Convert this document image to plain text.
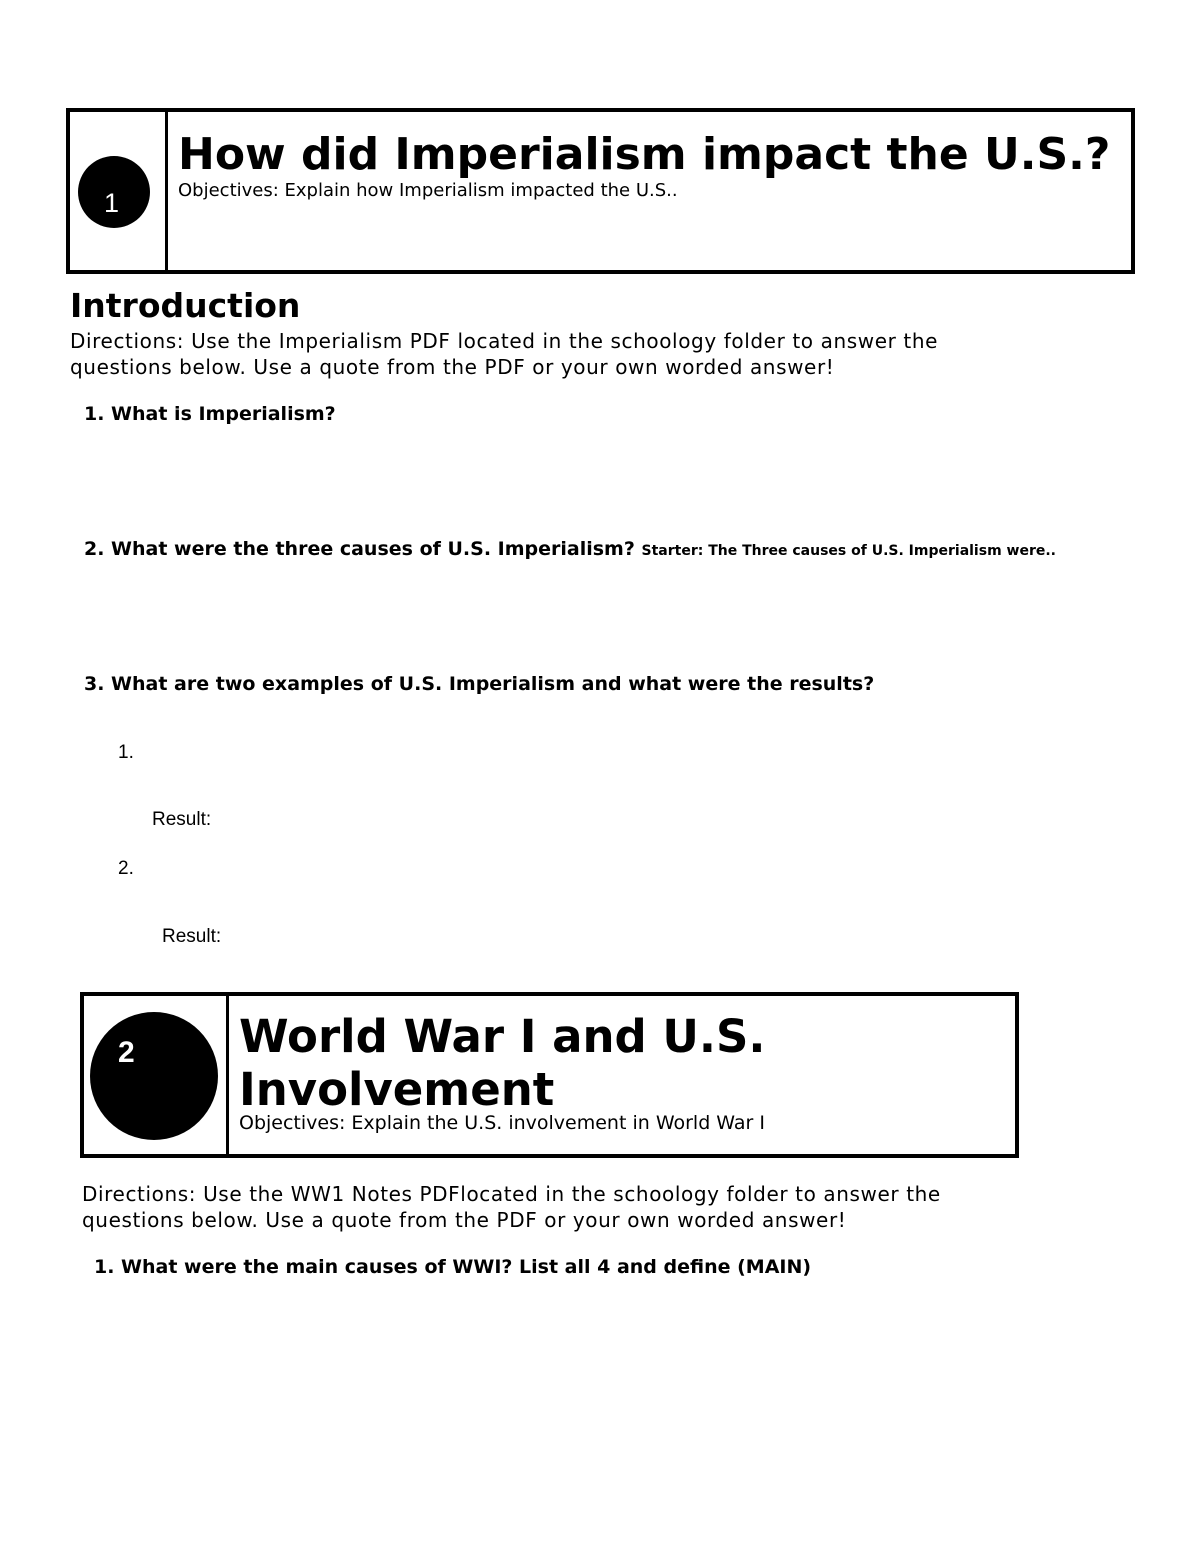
1

How did Imperialism impact the U.S.?

Objectives: Explain how Imperialism impacted the U.S..
Introduction

Directions: Use the Imperialism PDF located in the schoology folder to answer the

questions below. Use a quote from the PDF or your own worded answer!

1. What is Imperialism?

2. What were the three causes of U.S. Imperialism? Starter: The Three causes of U.S. Imperialism were..

3. What are two examples of U.S. Imperialism and what were the results?

1.
Result:
2.
Result:
2 World War I and U.S.
Involvement

Objectives: Explain the U.S. involvement in World War I

Directions: Use the WW1 Notes PDFlocated in the schoology folder to answer the

questions below. Use a quote from the PDF or your own worded answer!

1. What were the main causes of WWI? List all 4 and define (MAIN)
